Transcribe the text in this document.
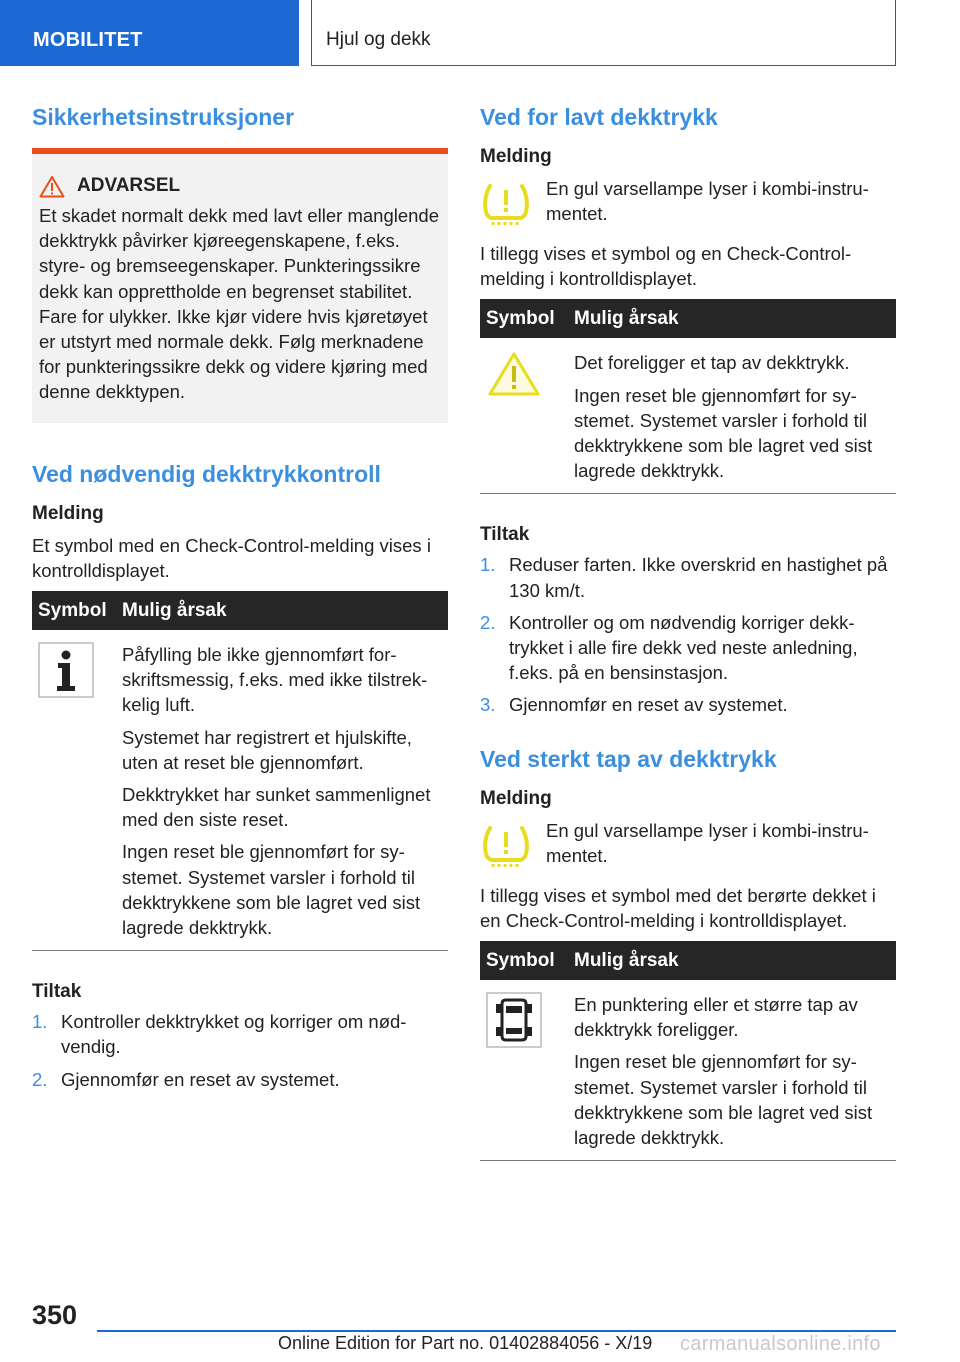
MOBILITET	Hjul og dekk
Sikkerhetsinstruksjoner
ADVARSEL

Et skadet normalt dekk med lavt eller manglende dekktrykk påvirker kjøreegenskapene, f.eks. styre- og bremseegenskaper. Punkteringssikre dekk kan opprettholde en begrenset stabilitet. Fare for ulykker. Ikke kjør videre hvis kjøretøyet er utstyrt med normale dekk. Følg merknadene for punkteringssikre dekk og videre kjøring med denne dekktypen.

Ved nødvendig dekktrykkontroll
Melding

Et symbol med en Check-Control-melding vises i kontrolldisplayet.

Symbol	Mulig årsak

Påfylling ble ikke gjennomført forskriftsmessig, f.eks. med ikke tilstrekkelig luft.

Systemet har registrert et hjulskifte, uten at reset ble gjennomført.

Dekktrykket har sunket sammenlignet med den siste reset.

Ingen reset ble gjennomført for systemet. Systemet varsler i forhold til dekktrykkene som ble lagret ved sist lagrede dekktrykk.

Tiltak
1. Kontroller dekktrykket og korriger om nødvendig.
2. Gjennomfør en reset av systemet.
Ved for lavt dekktrykk
Melding

En gul varsellampe lyser i kombi-instrumentet.

I tillegg vises et symbol og en Check-Control-melding i kontrolldisplayet.

Symbol	Mulig årsak

Det foreligger et tap av dekktrykk.

Ingen reset ble gjennomført for systemet. Systemet varsler i forhold til dekktrykkene som ble lagret ved sist lagrede dekktrykk.

Tiltak
1. Reduser farten. Ikke overskrid en hastighet på 130 km/t.
2. Kontroller og om nødvendig korriger dekktrykket i alle fire dekk ved neste anledning, f.eks. på en bensinstasjon.
3. Gjennomfør en reset av systemet.
Ved sterkt tap av dekktrykk
Melding

En gul varsellampe lyser i kombi-instrumentet.

I tillegg vises et symbol med det berørte dekket i en Check-Control-melding i kontrolldisplayet.

Symbol	Mulig årsak

En punktering eller et større tap av dekktrykk foreligger.

Ingen reset ble gjennomført for systemet. Systemet varsler i forhold til dekktrykkene som ble lagret ved sist lagrede dekktrykk.

350
Online Edition for Part no. 01402884056 - X/19 carmanualsonline.info
